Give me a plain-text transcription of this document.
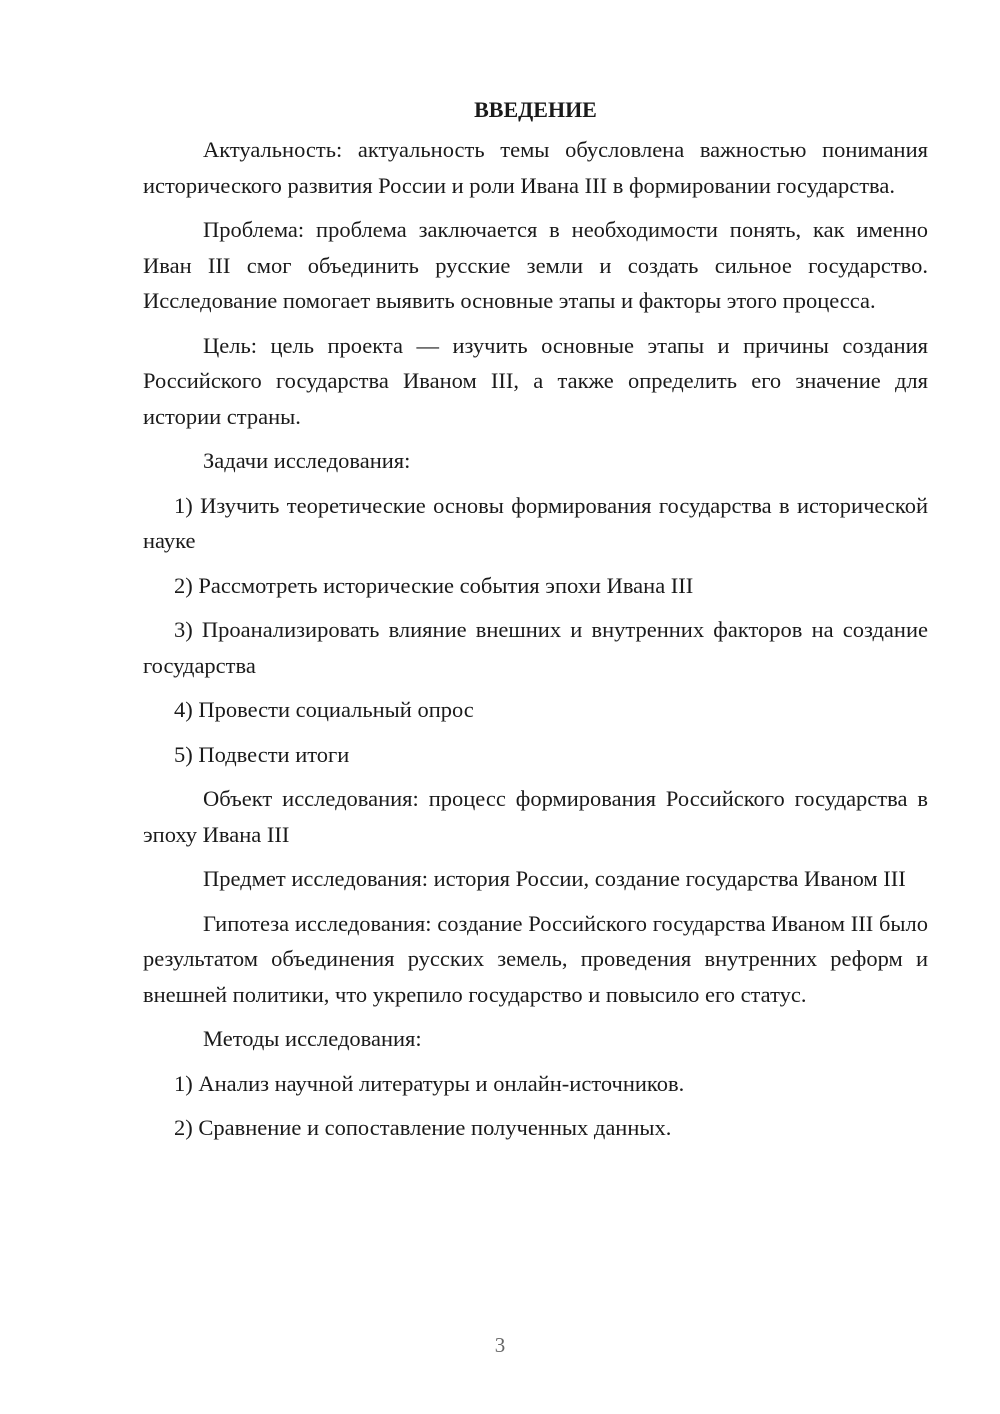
ВВЕДЕНИЕ

Актуальность: актуальность темы обусловлена важностью понимания исторического развития России и роли Ивана III в формировании государства.

Проблема: проблема заключается в необходимости понять, как именно Иван III смог объединить русские земли и создать сильное государство. Исследование помогает выявить основные этапы и факторы этого процесса.

Цель: цель проекта — изучить основные этапы и причины создания Российского государства Иваном III, а также определить его значение для истории страны.

Задачи исследования:

1) Изучить теоретические основы формирования государства в исторической науке

2) Рассмотреть исторические события эпохи Ивана III

3) Проанализировать влияние внешних и внутренних факторов на создание государства

4) Провести социальный опрос

5) Подвести итоги

Объект исследования: процесс формирования Российского государства в эпоху Ивана III

Предмет исследования: история России, создание государства Иваном III

Гипотеза исследования: создание Российского государства Иваном III было результатом объединения русских земель, проведения внутренних реформ и внешней политики, что укрепило государство и повысило его статус.

Методы исследования:

1) Анализ научной литературы и онлайн-источников.

2) Сравнение и сопоставление полученных данных.

3
